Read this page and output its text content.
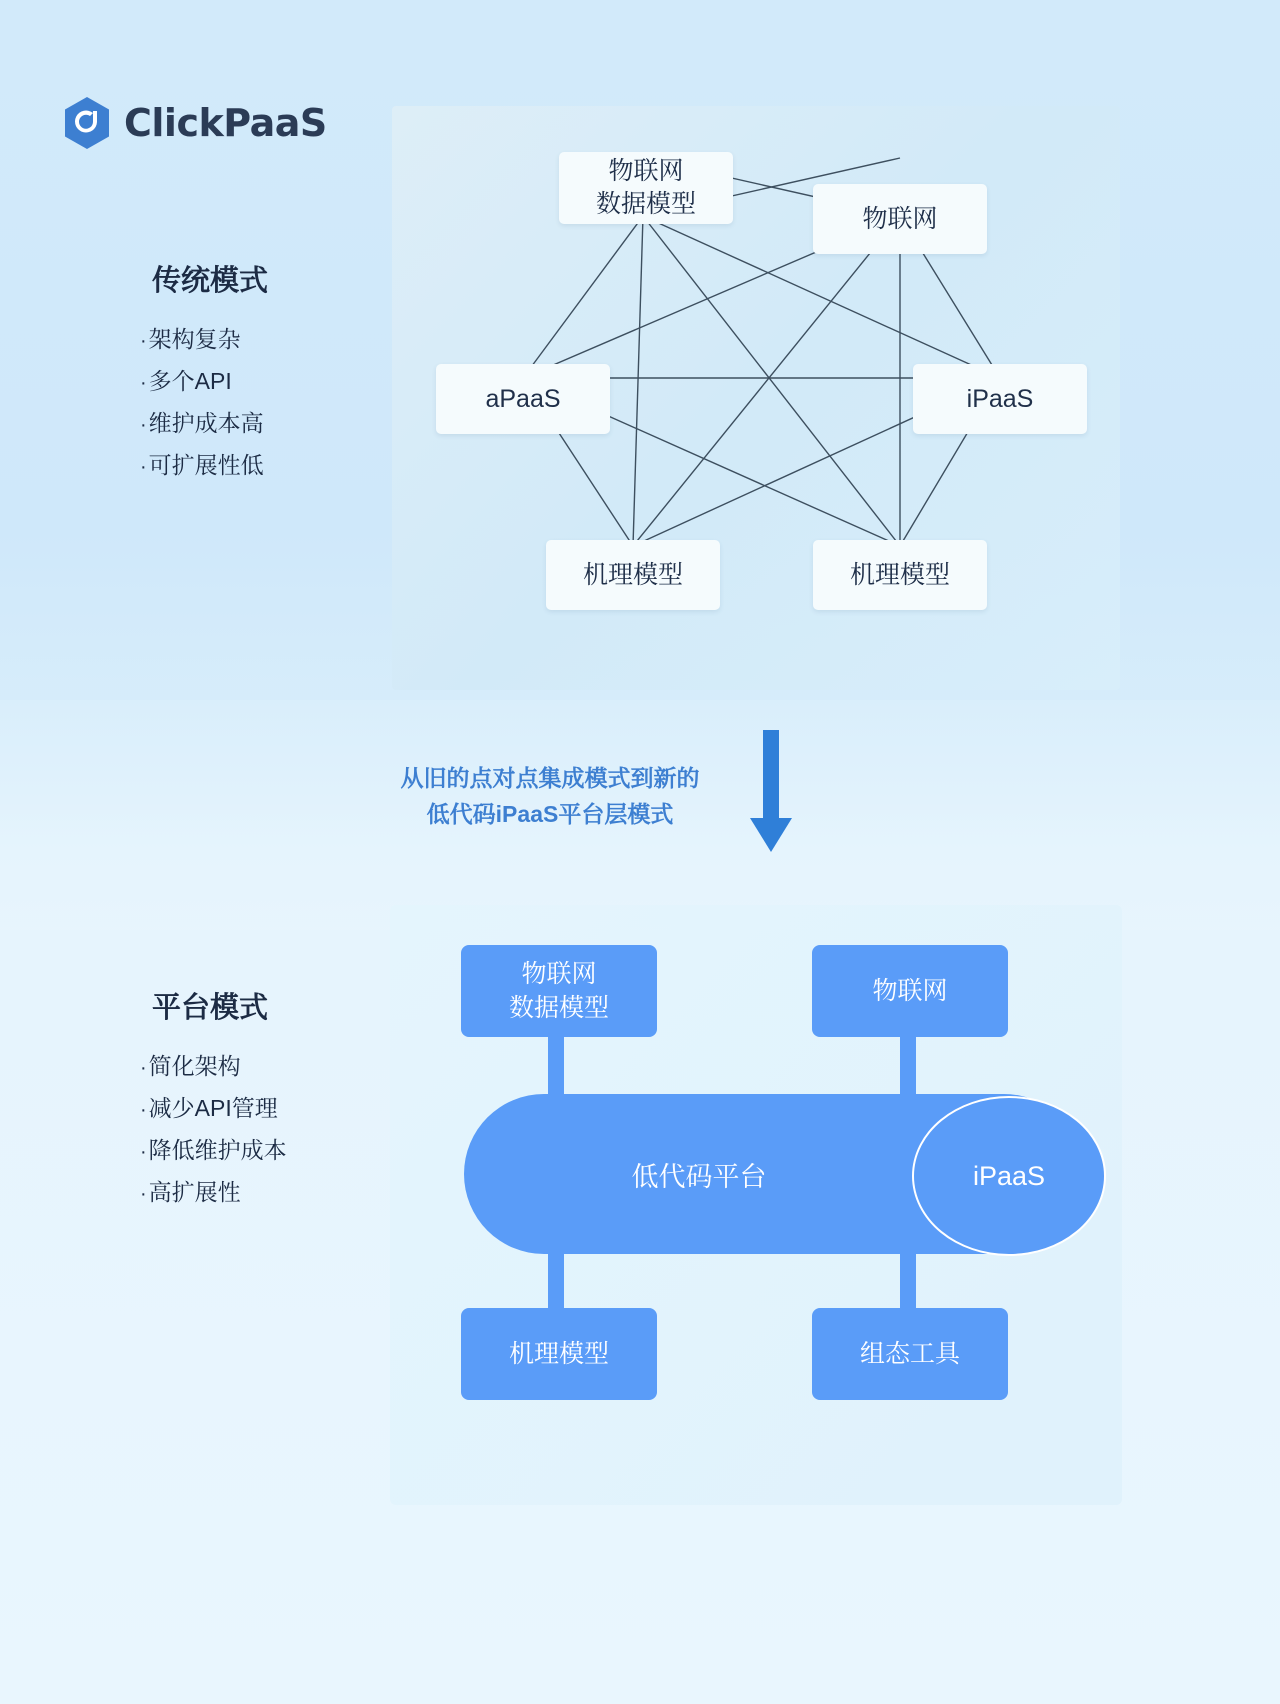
ClickPaaS
传统模式
·架构复杂
·多个API
·维护成本高
·可扩展性低
物联网
数据模型
物联网
aPaaS	iPaaS
机理模型	机理模型
从旧的点对点集成模式到新的
低代码iPaaS平台层模式
平台模式
·简化架构
·减少API管理
·降低维护成本
·高扩展性
物联网
数据模型
物联网
低代码平台	iPaaS
机理模型	组态工具
